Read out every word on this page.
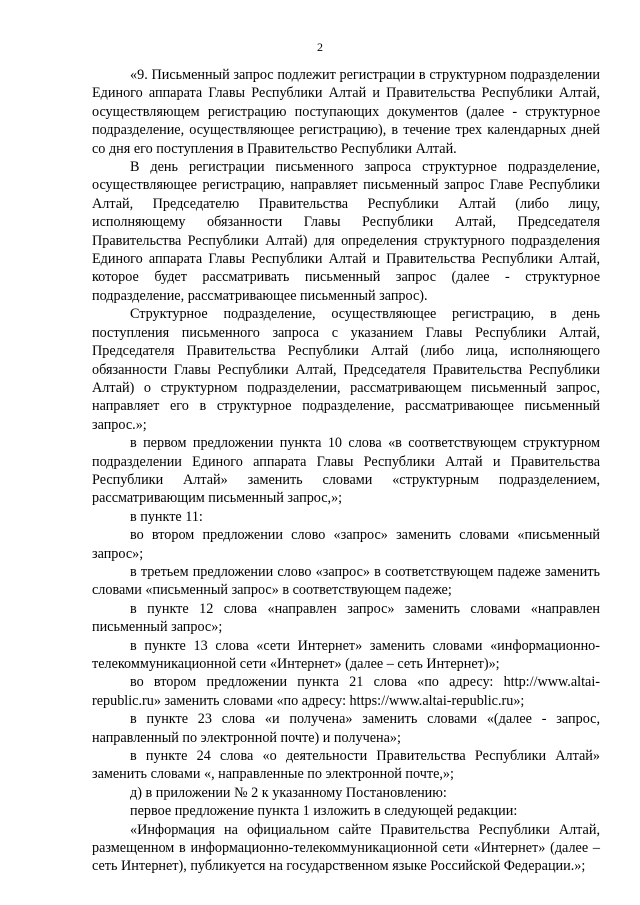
2

«9. Письменный запрос подлежит регистрации в структурном подразделении Единого аппарата Главы Республики Алтай и Правительства Республики Алтай, осуществляющем регистрацию поступающих документов (далее - структурное подразделение, осуществляющее регистрацию), в течение трех календарных дней со дня его поступления в Правительство Республики Алтай.

В день регистрации письменного запроса структурное подразделение, осуществляющее регистрацию, направляет письменный запрос Главе Республики Алтай, Председателю Правительства Республики Алтай (либо лицу, исполняющему обязанности Главы Республики Алтай, Председателя Правительства Республики Алтай) для определения структурного подразделения Единого аппарата Главы Республики Алтай и Правительства Республики Алтай, которое будет рассматривать письменный запрос (далее - структурное подразделение, рассматривающее письменный запрос).

Структурное подразделение, осуществляющее регистрацию, в день поступления письменного запроса с указанием Главы Республики Алтай, Председателя Правительства Республики Алтай (либо лица, исполняющего обязанности Главы Республики Алтай, Председателя Правительства Республики Алтай) о структурном подразделении, рассматривающем письменный запрос, направляет его в структурное подразделение, рассматривающее письменный запрос.»;

в первом предложении пункта 10 слова «в соответствующем структурном подразделении Единого аппарата Главы Республики Алтай и Правительства Республики Алтай» заменить словами «структурным подразделением, рассматривающим письменный запрос,»;

в пункте 11:

во втором предложении слово «запрос» заменить словами «письменный запрос»;

в третьем предложении слово «запрос» в соответствующем падеже заменить словами «письменный запрос» в соответствующем падеже;

в пункте 12 слова «направлен запрос» заменить словами «направлен письменный запрос»;

в пункте 13 слова «сети Интернет» заменить словами «информационно-телекоммуникационной сети «Интернет» (далее – сеть Интернет)»;

во втором предложении пункта 21 слова «по адресу: http://www.altai-republic.ru» заменить словами «по адресу: https://www.altai-republic.ru»;

в пункте 23 слова «и получена» заменить словами «(далее - запрос, направленный по электронной почте) и получена»;

в пункте 24 слова «о деятельности Правительства Республики Алтай» заменить словами «, направленные по электронной почте,»;

д) в приложении № 2 к указанному Постановлению:

первое предложение пункта 1 изложить в следующей редакции:

«Информация на официальном сайте Правительства Республики Алтай, размещенном в информационно-телекоммуникационной сети «Интернет» (далее – сеть Интернет), публикуется на государственном языке Российской Федерации.»;
